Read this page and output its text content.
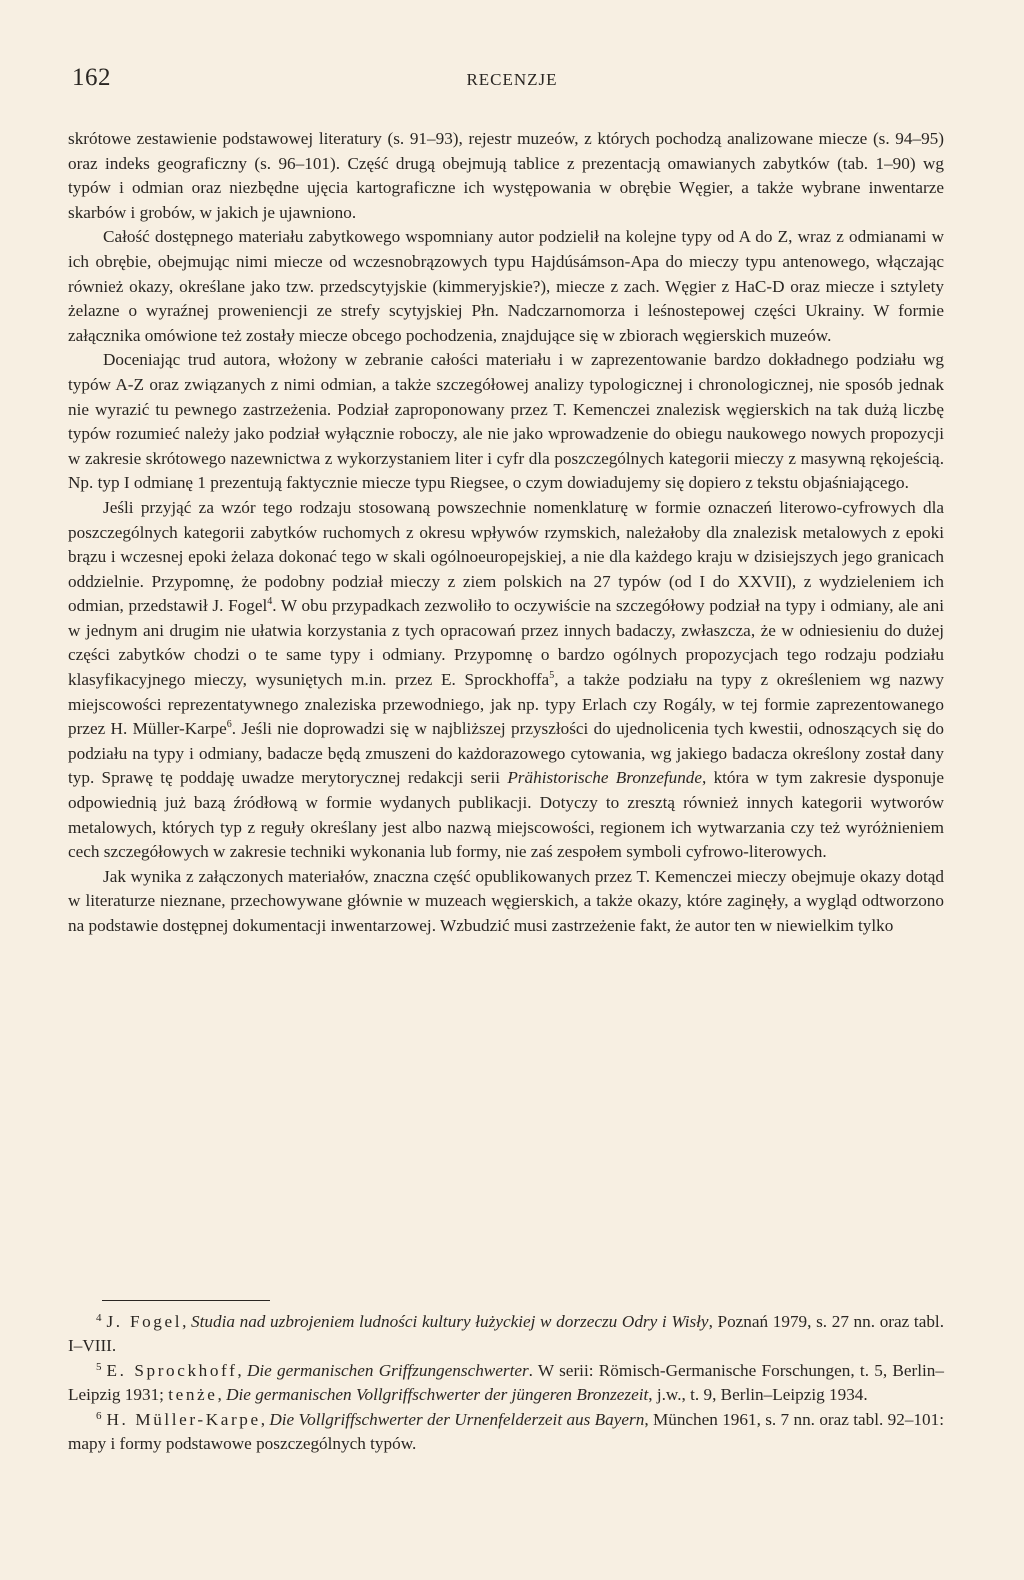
162	RECENZJE

skrótowe zestawienie podstawowej literatury (s. 91–93), rejestr muzeów, z których pochodzą analizowane miecze (s. 94–95) oraz indeks geograficzny (s. 96–101). Część drugą obejmują tablice z prezentacją omawianych zabytków (tab. 1–90) wg typów i odmian oraz niezbędne ujęcia kartograficzne ich występowania w obrębie Węgier, a także wybrane inwentarze skarbów i grobów, w jakich je ujawniono.

Całość dostępnego materiału zabytkowego wspomniany autor podzielił na kolejne typy od A do Z, wraz z odmianami w ich obrębie, obejmując nimi miecze od wczesnobrązowych typu Hajdúsámson-Apa do mieczy typu antenowego, włączając również okazy, określane jako tzw. przedscytyjskie (kimmeryjskie?), miecze z zach. Węgier z HaC-D oraz miecze i sztylety żelazne o wyraźnej proweniencji ze strefy scytyjskiej Płn. Nadczarnomorza i leśnostepowej części Ukrainy. W formie załącznika omówione też zostały miecze obcego pochodzenia, znajdujące się w zbiorach węgierskich muzeów.

Doceniając trud autora, włożony w zebranie całości materiału i w zaprezentowanie bardzo dokładnego podziału wg typów A-Z oraz związanych z nimi odmian, a także szczegółowej analizy typologicznej i chronologicznej, nie sposób jednak nie wyrazić tu pewnego zastrzeżenia. Podział zaproponowany przez T. Kemenczei znalezisk węgierskich na tak dużą liczbę typów rozumieć należy jako podział wyłącznie roboczy, ale nie jako wprowadzenie do obiegu naukowego nowych propozycji w zakresie skrótowego nazewnictwa z wykorzystaniem liter i cyfr dla poszczególnych kategorii mieczy z masywną rękojeścią. Np. typ I odmianę 1 prezentują faktycznie miecze typu Riegsee, o czym dowiadujemy się dopiero z tekstu objaśniającego.

Jeśli przyjąć za wzór tego rodzaju stosowaną powszechnie nomenklaturę w formie oznaczeń literowo-cyfrowych dla poszczególnych kategorii zabytków ruchomych z okresu wpływów rzymskich, należałoby dla znalezisk metalowych z epoki brązu i wczesnej epoki żelaza dokonać tego w skali ogólnoeuropejskiej, a nie dla każdego kraju w dzisiejszych jego granicach oddzielnie. Przypomnę, że podobny podział mieczy z ziem polskich na 27 typów (od I do XXVII), z wydzieleniem ich odmian, przedstawił J. Fogel$^4$. W obu przypadkach zezwoliło to oczywiście na szczegółowy podział na typy i odmiany, ale ani w jednym ani drugim nie ułatwia korzystania z tych opracowań przez innych badaczy, zwłaszcza, że w odniesieniu do dużej części zabytków chodzi o te same typy i odmiany. Przypomnę o bardzo ogólnych propozycjach tego rodzaju podziału klasyfikacyjnego mieczy, wysuniętych m.in. przez E. Sprockhoffa$^5$, a także podziału na typy z określeniem wg nazwy miejscowości reprezentatywnego znaleziska przewodniego, jak np. typy Erlach czy Rogály, w tej formie zaprezentowanego przez H. Müller-Karpe$^6$. Jeśli nie doprowadzi się w najbliższej przyszłości do ujednolicenia tych kwestii, odnoszących się do podziału na typy i odmiany, badacze będą zmuszeni do każdorazowego cytowania, wg jakiego badacza określony został dany typ. Sprawę tę poddaję uwadze merytorycznej redakcji serii Prähistorische Bronzefunde, która w tym zakresie dysponuje odpowiednią już bazą źródłową w formie wydanych publikacji. Dotyczy to zresztą również innych kategorii wytworów metalowych, których typ z reguły określany jest albo nazwą miejscowości, regionem ich wytwarzania czy też wyróżnieniem cech szczegółowych w zakresie techniki wykonania lub formy, nie zaś zespołem symboli cyfrowo-literowych.

Jak wynika z załączonych materiałów, znaczna część opublikowanych przez T. Kemenczei mieczy obejmuje okazy dotąd w literaturze nieznane, przechowywane głównie w muzeach węgierskich, a także okazy, które zaginęły, a wygląd odtworzono na podstawie dostępnej dokumentacji inwentarzowej. Wzbudzić musi zastrzeżenie fakt, że autor ten w niewielkim tylko

$^4$ J. Fogel, Studia nad uzbrojeniem ludności kultury łużyckiej w dorzeczu Odry i Wisły, Poznań 1979, s. 27 nn. oraz tabl. I–VIII.

$^5$ E. Sprockhoff, Die germanischen Griffzungenschwerter. W serii: Römisch-Germanische Forschungen, t. 5, Berlin–Leipzig 1931; tenże, Die germanischen Vollgriffschwerter der jüngeren Bronzezeit, j.w., t. 9, Berlin–Leipzig 1934.

$^6$ H. Müller-Karpe, Die Vollgriffschwerter der Urnenfelderzeit aus Bayern, München 1961, s. 7 nn. oraz tabl. 92–101: mapy i formy podstawowe poszczególnych typów.
